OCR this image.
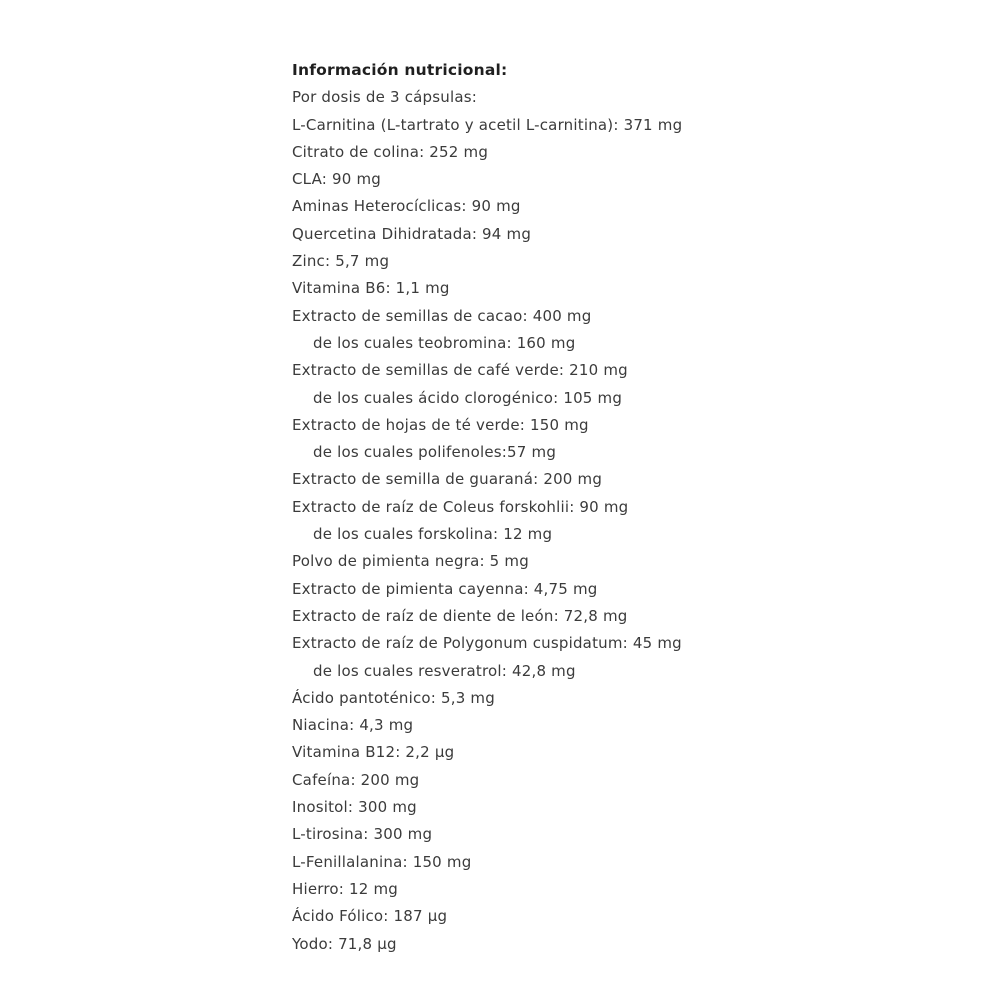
Información nutricional:
Por dosis de 3 cápsulas:
L-Carnitina (L-tartrato y acetil L-carnitina): 371 mg
Citrato de colina: 252 mg
CLA: 90 mg
Aminas Heterocíclicas: 90 mg
Quercetina Dihidratada: 94 mg
Zinc: 5,7 mg
Vitamina B6: 1,1 mg
Extracto de semillas de cacao: 400 mg
de los cuales teobromina: 160 mg
Extracto de semillas de café verde: 210 mg
de los cuales ácido clorogénico: 105 mg
Extracto de hojas de té verde: 150 mg
de los cuales polifenoles:57 mg
Extracto de semilla de guaraná: 200 mg
Extracto de raíz de Coleus forskohlii: 90 mg
de los cuales forskolina: 12 mg
Polvo de pimienta negra: 5 mg
Extracto de pimienta cayenna: 4,75 mg
Extracto de raíz de diente de león: 72,8 mg
Extracto de raíz de Polygonum cuspidatum: 45 mg
de los cuales resveratrol: 42,8 mg
Ácido pantoténico: 5,3 mg
Niacina: 4,3 mg
Vitamina B12: 2,2 µg
Cafeína: 200 mg
Inositol: 300 mg
L-tirosina: 300 mg
L-Fenillalanina: 150 mg
Hierro: 12 mg
Ácido Fólico: 187 µg
Yodo: 71,8 µg
